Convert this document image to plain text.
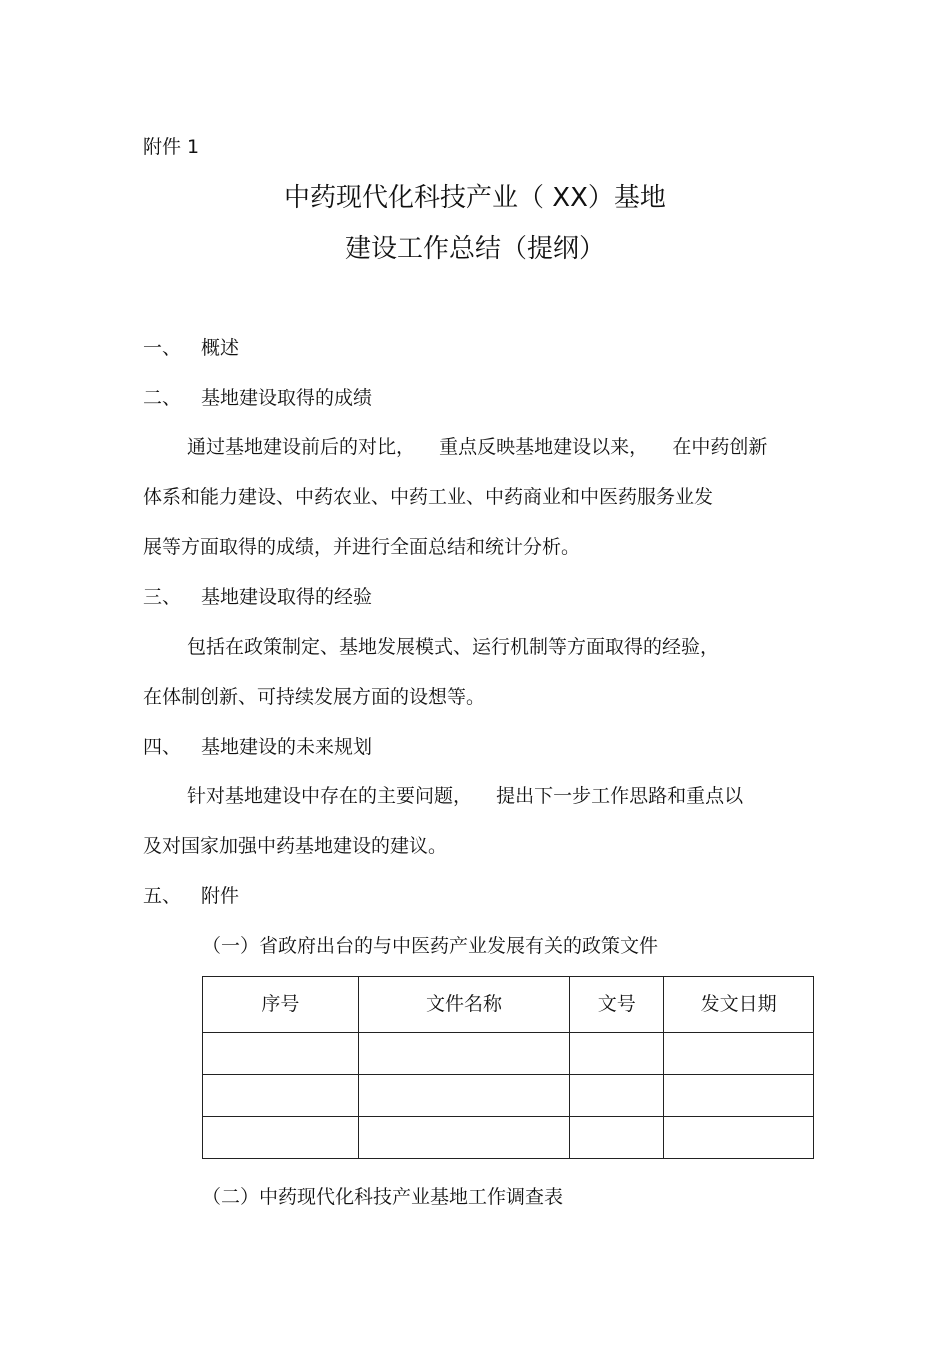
附件 1
中药现代化科技产业（ XX）基地
建设工作总结（提纲）
一、 概述
二、 基地建设取得的成绩
通过基地建设前后的对比，    重点反映基地建设以来，    在中药创新
体系和能力建设、中药农业、中药工业、中药商业和中医药服务业发
展等方面取得的成绩，并进行全面总结和统计分析。
三、 基地建设取得的经验
包括在政策制定、基地发展模式、运行机制等方面取得的经验，
在体制创新、可持续发展方面的设想等。
四、 基地建设的未来规划
针对基地建设中存在的主要问题，    提出下一步工作思路和重点以
及对国家加强中药基地建设的建议。
五、 附件
（一）省政府出台的与中医药产业发展有关的政策文件
序号	文件名称	文号	发文日期

（二）中药现代化科技产业基地工作调查表
